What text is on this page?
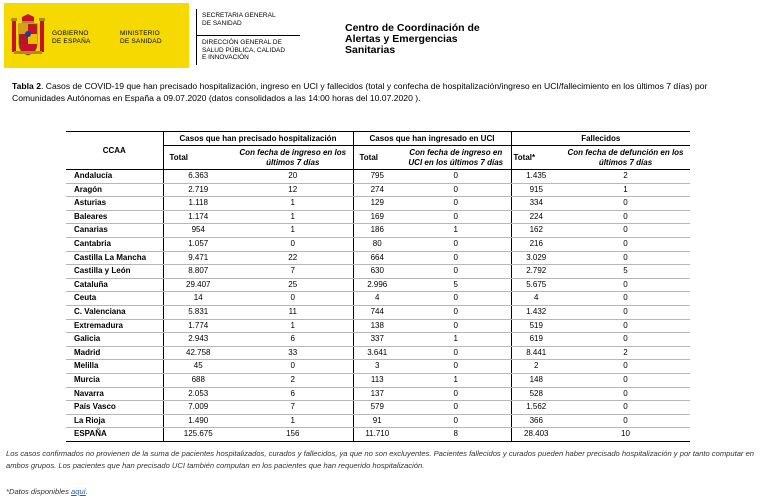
GOBIERNO
DE ESPAÑA
MINISTERIO
DE SANIDAD
SECRETARIA GENERAL
DE SANIDAD
DIRECCIÓN GENERAL DE
SALUD PÚBLICA, CALIDAD
E INNOVACIÓN
Centro de Coordinación de
Alertas y Emergencias
Sanitarias
Tabla 2. Casos de COVID-19 que han precisado hospitalización, ingreso en UCI y fallecidos (total y confecha de hospitalización/ingreso en UCI/fallecimiento en los últimos 7 días) por Comunidades Autónomas en España a 09.07.2020 (datos consolidados a las 14:00 horas del 10.07.2020 ).
CCAA	Casos que han precisado hospitalización		Casos que han ingresado en UCI		Fallecidos	
	Total	Con fecha de ingreso en los últimos 7 días	Total	Con fecha de ingreso en UCI en los últimos 7 días	Total*	Con fecha de defunción en los últimos 7 días
Andalucía	6.363	20	795	0	1.435	2
Aragón	2.719	12	274	0	915	1
Asturias	1.118	1	129	0	334	0
Baleares	1.174	1	169	0	224	0
Canarias	954	1	186	1	162	0
Cantabria	1.057	0	80	0	216	0
Castilla La Mancha	9.471	22	664	0	3.029	0
Castilla y León	8.807	7	630	0	2.792	5
Cataluña	29.407	25	2.996	5	5.675	0
Ceuta	14	0	4	0	4	0
C. Valenciana	5.831	11	744	0	1.432	0
Extremadura	1.774	1	138	0	519	0
Galicia	2.943	6	337	1	619	0
Madrid	42.758	33	3.641	0	8.441	2
Melilla	45	0	3	0	2	0
Murcia	688	2	113	1	148	0
Navarra	2.053	6	137	0	528	0
País Vasco	7.009	7	579	0	1.562	0
La Rioja	1.490	1	91	0	366	0
ESPAÑA	125.675	156	11.710	8	28.403	10
Los casos confirmados no provienen de la suma de pacientes hospitalizados, curados y fallecidos, ya que no son excluyentes. Pacientes fallecidos y curados pueden haber precisado hospitalización y por tanto computar en ambos grupos. Los pacientes que han precisado UCI también computan en los pacientes que han requerido hospitalización.
*Datos disponibles aquí.
